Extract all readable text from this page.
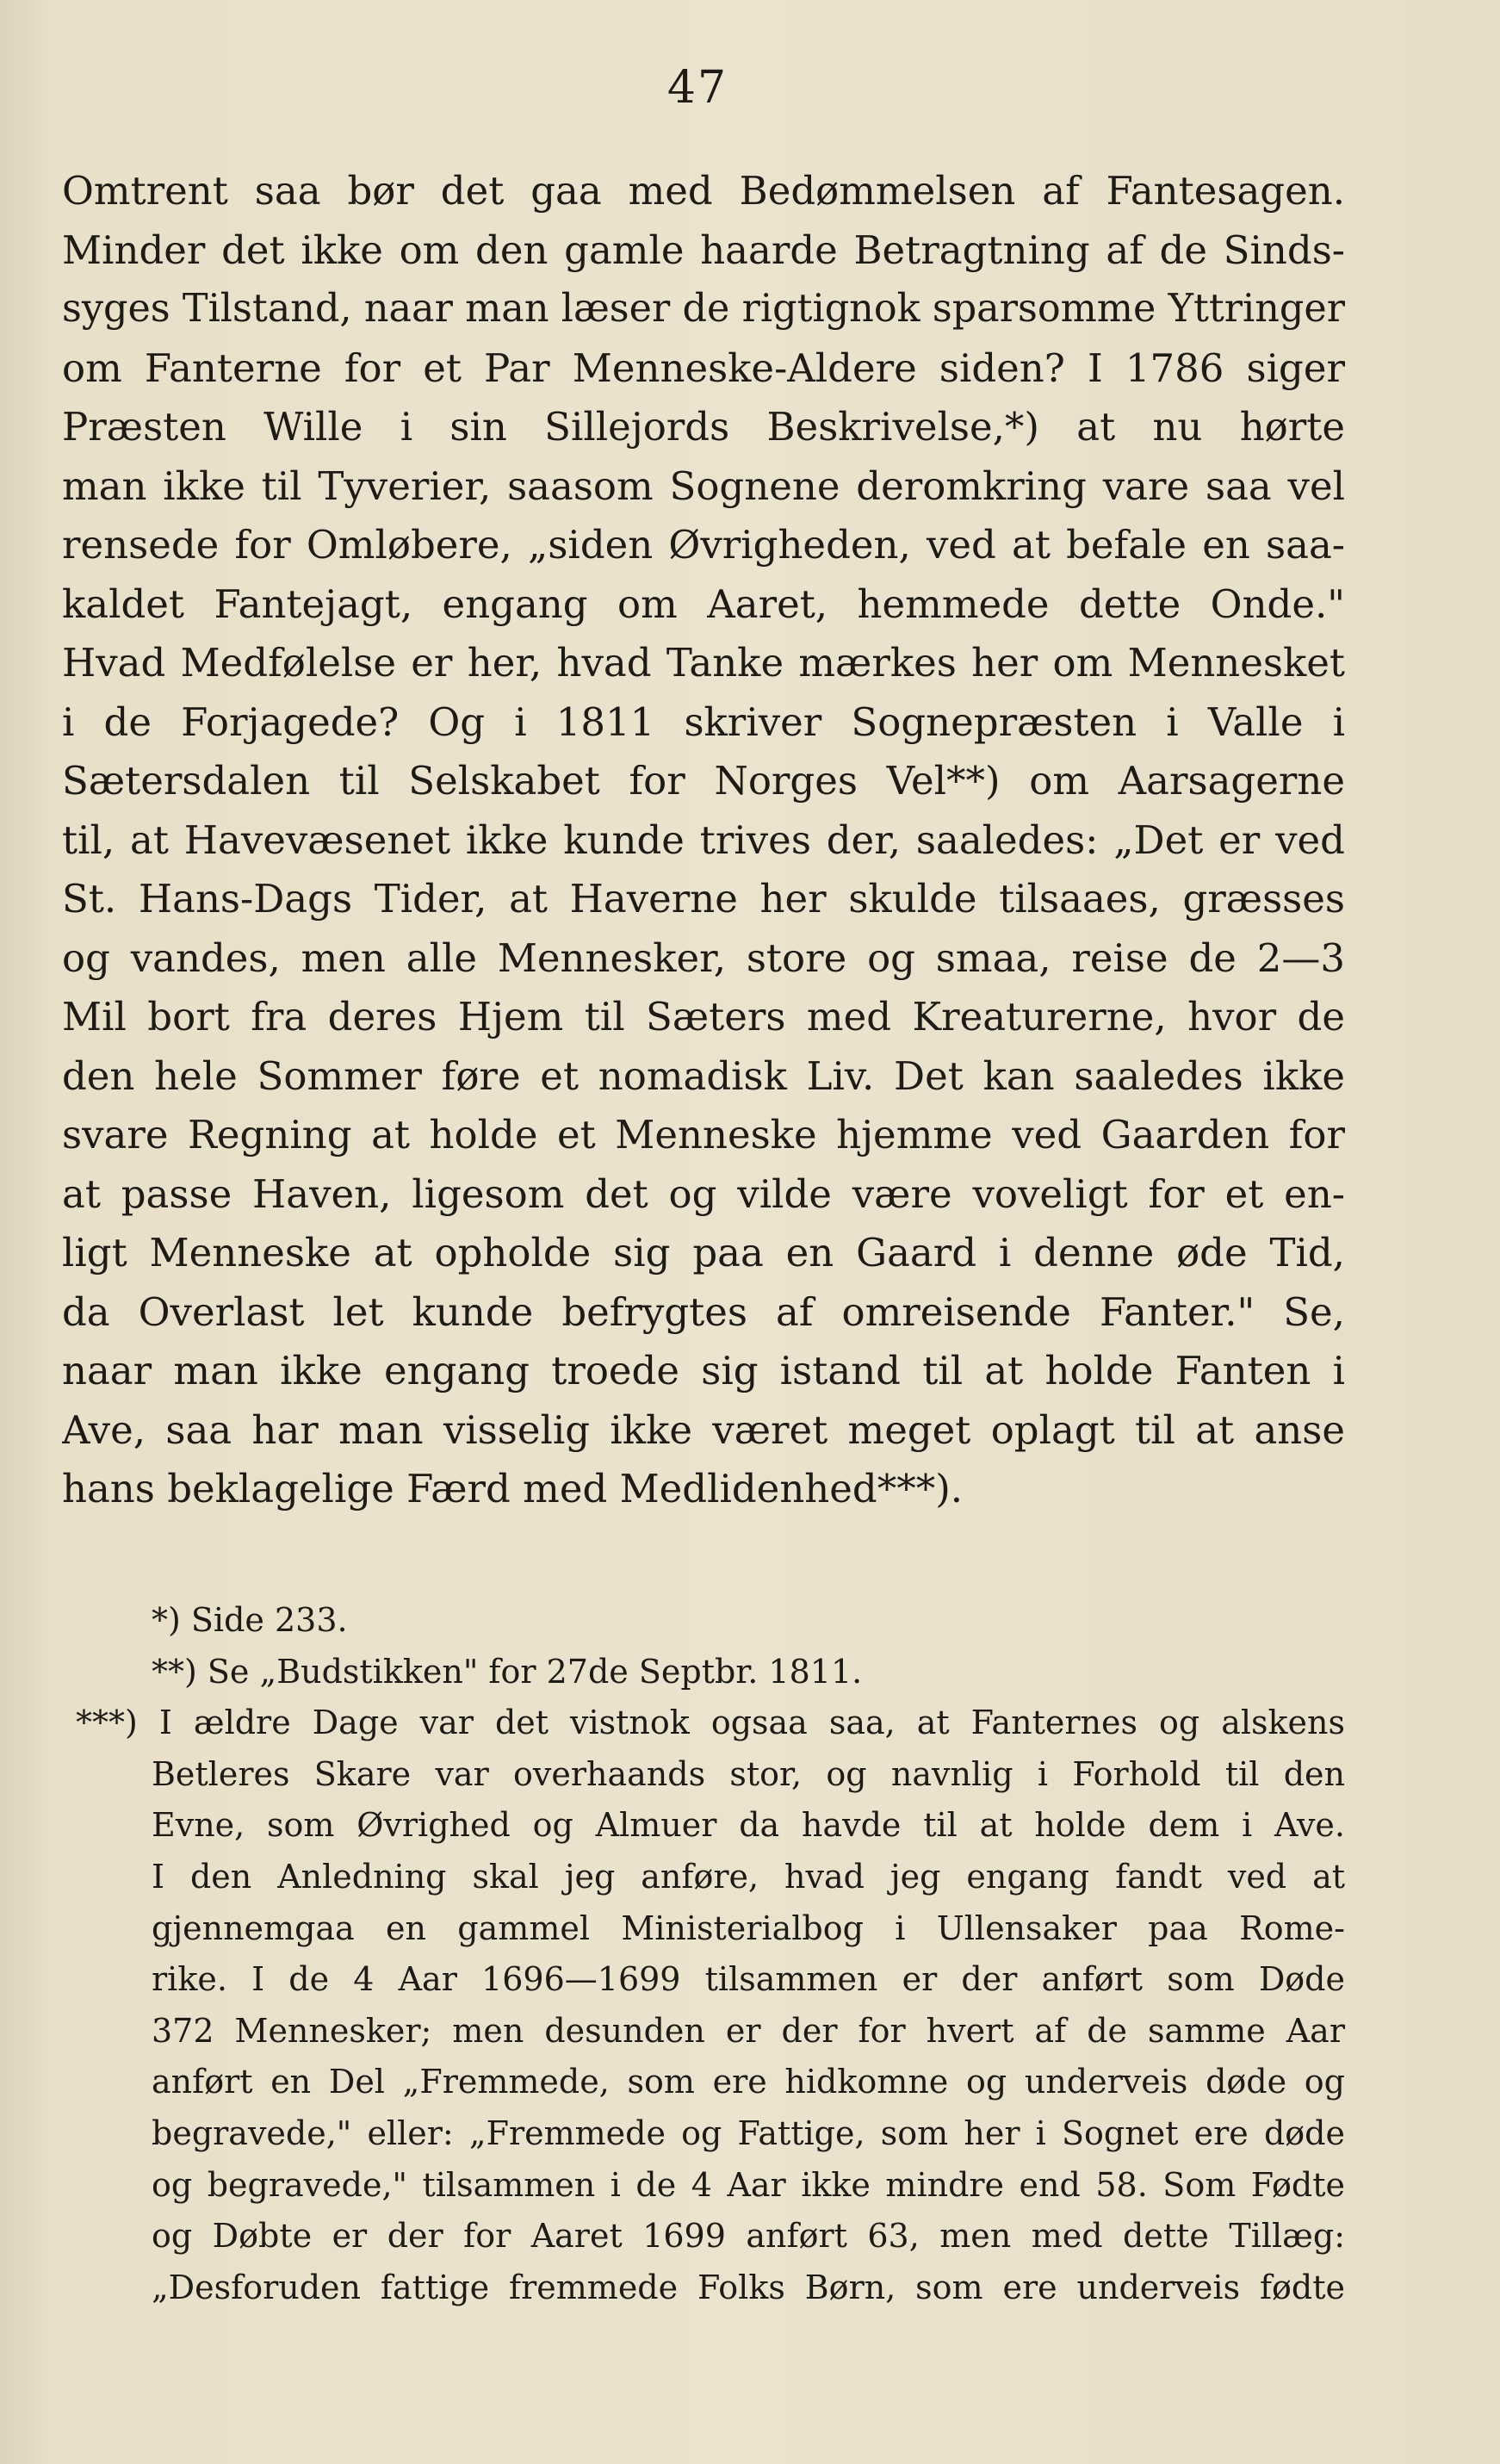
47
Omtrent saa bør det gaa med Bedømmelsen af Fantesagen.
Minder det ikke om den gamle haarde Betragtning af de Sinds-
syges Tilstand, naar man læser de rigtignok sparsomme Yttringer
om Fanterne for et Par Menneske-Aldere siden? I 1786 siger
Præsten Wille i sin Sillejords Beskrivelse,*) at nu hørte
man ikke til Tyverier, saasom Sognene deromkring vare saa vel
rensede for Omløbere, „siden Øvrigheden, ved at befale en saa-
kaldet Fantejagt, engang om Aaret, hemmede dette Onde."
Hvad Medfølelse er her, hvad Tanke mærkes her om Mennesket
i de Forjagede? Og i 1811 skriver Sognepræsten i Valle i
Sætersdalen til Selskabet for Norges Vel**) om Aarsagerne
til, at Havevæsenet ikke kunde trives der, saaledes: „Det er ved
St. Hans-Dags Tider, at Haverne her skulde tilsaaes, græsses
og vandes, men alle Mennesker, store og smaa, reise de 2—3
Mil bort fra deres Hjem til Sæters med Kreaturerne, hvor de
den hele Sommer føre et nomadisk Liv. Det kan saaledes ikke
svare Regning at holde et Menneske hjemme ved Gaarden for
at passe Haven, ligesom det og vilde være voveligt for et en-
ligt Menneske at opholde sig paa en Gaard i denne øde Tid,
da Overlast let kunde befrygtes af omreisende Fanter." Se,
naar man ikke engang troede sig istand til at holde Fanten i
Ave, saa har man visselig ikke været meget oplagt til at anse
hans beklagelige Færd med Medlidenhed***).
*) Side 233.
**) Se „Budstikken" for 27de Septbr. 1811.
***) I ældre Dage var det vistnok ogsaa saa, at Fanternes og alskens
Betleres Skare var overhaands stor, og navnlig i Forhold til den
Evne, som Øvrighed og Almuer da havde til at holde dem i Ave.
I den Anledning skal jeg anføre, hvad jeg engang fandt ved at
gjennemgaa en gammel Ministerialbog i Ullensaker paa Rome-
rike. I de 4 Aar 1696—1699 tilsammen er der anført som Døde
372 Mennesker; men desunden er der for hvert af de samme Aar
anført en Del „Fremmede, som ere hidkomne og underveis døde og
begravede," eller: „Fremmede og Fattige, som her i Sognet ere døde
og begravede," tilsammen i de 4 Aar ikke mindre end 58. Som Fødte
og Døbte er der for Aaret 1699 anført 63, men med dette Tillæg:
„Desforuden fattige fremmede Folks Børn, som ere underveis fødte
